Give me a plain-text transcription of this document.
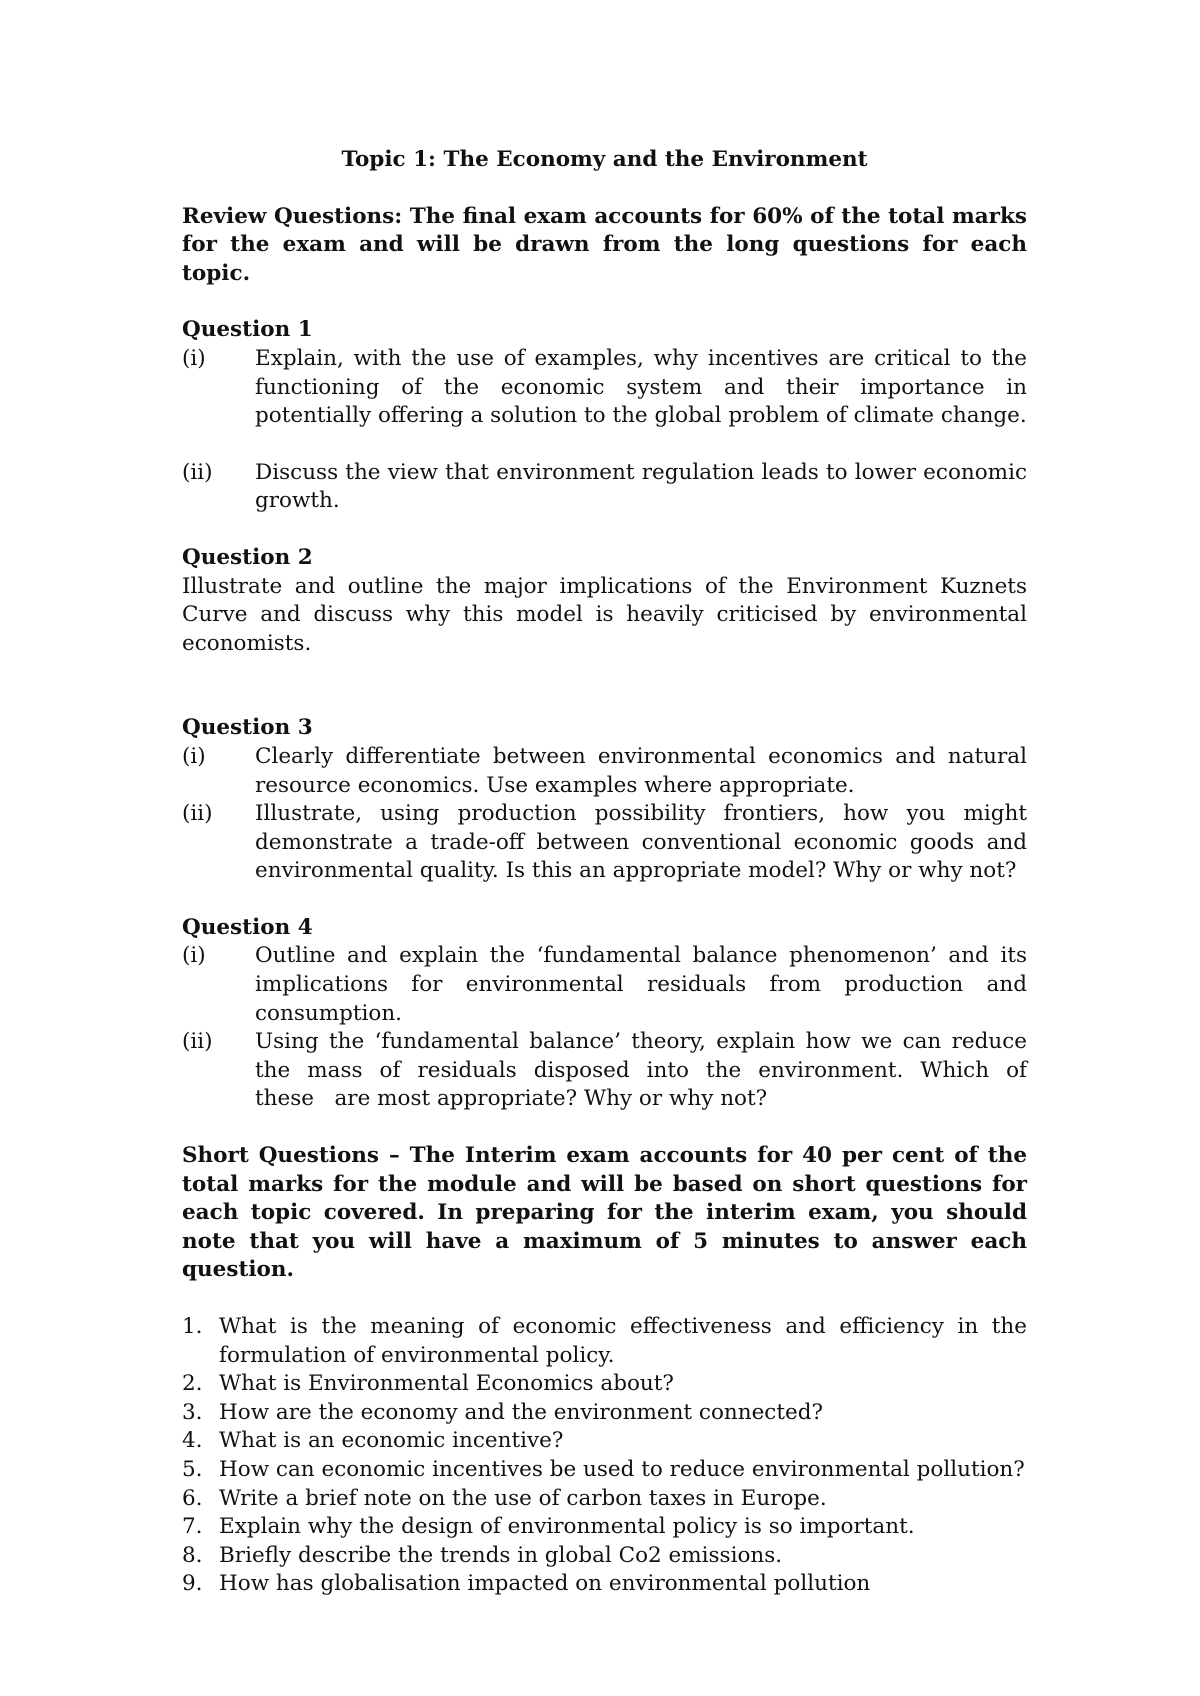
Topic 1: The Economy and the Environment

Review Questions: The final exam accounts for 60% of the total marks for the exam and will be drawn from the long questions for each topic.

Question 1
(i)	Explain, with the use of examples, why incentives are critical to the functioning of the economic system and their importance in potentially offering a solution to the global problem of climate change.
(ii)	Discuss the view that environment regulation leads to lower economic growth.
Question 2

Illustrate and outline the major implications of the Environment Kuznets Curve and discuss why this model is heavily criticised by environmental economists.

Question 3
(i)	Clearly differentiate between environmental economics and natural resource economics. Use examples where appropriate.
(ii)	Illustrate, using production possibility frontiers, how you might demonstrate a trade-off between conventional economic goods and environmental quality. Is this an appropriate model? Why or why not?
Question 4
(i)	Outline and explain the ‘fundamental balance phenomenon’ and its implications for environmental residuals from production and consumption.
(ii)	Using the ‘fundamental balance’ theory, explain how we can reduce      the mass of residuals disposed into the environment. Which of        these   are most appropriate? Why or why not?

Short Questions – The Interim exam accounts for 40 per cent of the total marks for the module and will be based on short questions for each topic covered. In preparing for the interim exam, you should note that you will have a maximum of 5 minutes to answer each question.

1. What is the meaning of economic effectiveness and efficiency in the formulation of environmental policy.
2. What is Environmental Economics about?
3. How are the economy and the environment connected?
4. What is an economic incentive?
5. How can economic incentives be used to reduce environmental pollution?
6. Write a brief note on the use of carbon taxes in Europe.
7. Explain why the design of environmental policy is so important.
8. Briefly describe the trends in global Co2 emissions.
9. How has globalisation impacted on environmental pollution
